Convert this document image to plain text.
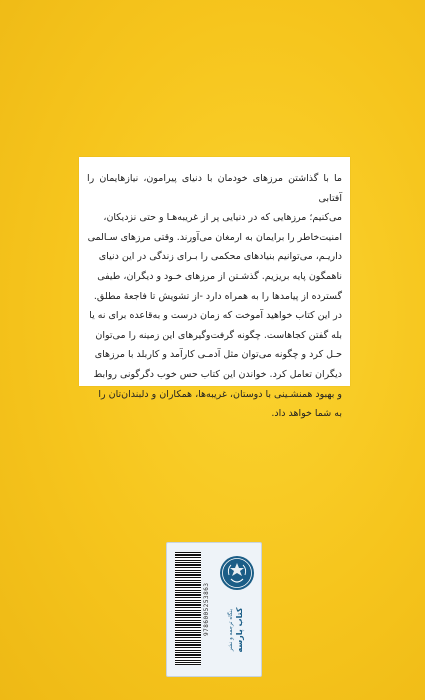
ما با گذاشتن مرزهای خودمان با دنیای پیرامون، نیازهایمان را آفتابی

می‌کنیم؛ مرزهایی که در دنیایی پر از غریبه‌هـا و حتی نزدیکان،

امنیت‌خاطر را برایمان به ارمغان می‌آورند. وقتی مرزهای سـالمی

داریـم، می‌توانیم بنیادهای محکمی را بـرای زندگی در این دنیای

ناهمگون پایه بریزیم. گذشـتن از مرزهای خـود و دیگران، طیفی

گسترده از پیامدها را به همراه دارد -از تشویش تا فاجعهٔ مطلق.

در این کتاب خواهید آموخت که زمان درست و به‌قاعده برای نه یا

بله گفتن کجاهاست. چگونه گرفت‌وگیرهای این زمینه را می‌توان

حـل کرد و چگونه می‌توان مثل آدمـی کارآمد و کاربلد با مرزهای

دیگران تعامل کرد. خواندن این کتاب حس خوب دگرگونی روابط

و بهبود همنشـینی با دوستان، غریبه‌ها، همکاران و دلبندان‌تان را

به شما خواهد داد.

9786005253863	بنگاه ترجمه و نشر کتاب پارسه
